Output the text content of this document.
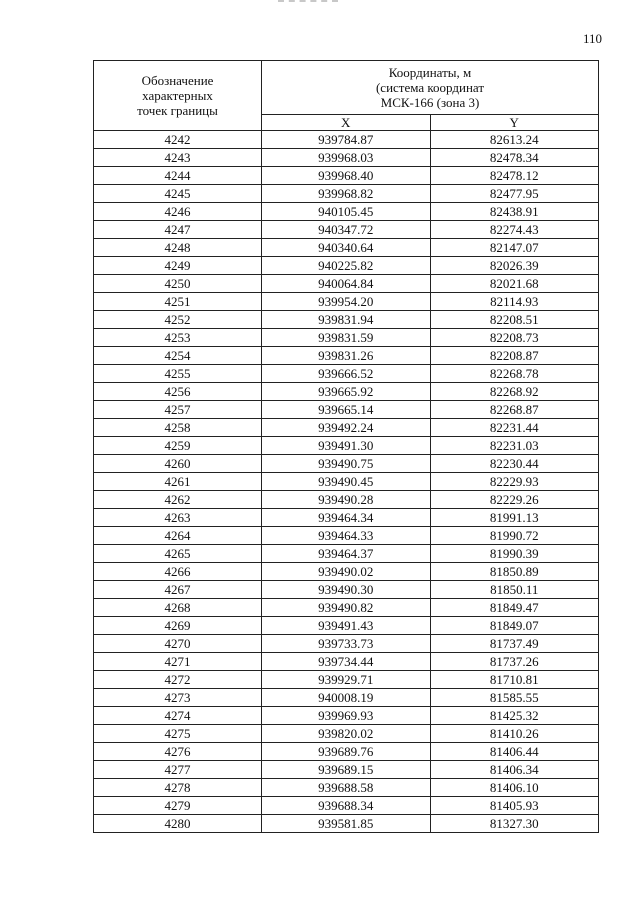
110
Обозначение
характерных
точек границы	Координаты, м
(система координат
МСК-166 (зона 3)	

	X	Y
4242	939784.87	82613.24
4243	939968.03	82478.34
4244	939968.40	82478.12
4245	939968.82	82477.95
4246	940105.45	82438.91
4247	940347.72	82274.43
4248	940340.64	82147.07
4249	940225.82	82026.39
4250	940064.84	82021.68
4251	939954.20	82114.93
4252	939831.94	82208.51
4253	939831.59	82208.73
4254	939831.26	82208.87
4255	939666.52	82268.78
4256	939665.92	82268.92
4257	939665.14	82268.87
4258	939492.24	82231.44
4259	939491.30	82231.03
4260	939490.75	82230.44
4261	939490.45	82229.93
4262	939490.28	82229.26
4263	939464.34	81991.13
4264	939464.33	81990.72
4265	939464.37	81990.39
4266	939490.02	81850.89
4267	939490.30	81850.11
4268	939490.82	81849.47
4269	939491.43	81849.07
4270	939733.73	81737.49
4271	939734.44	81737.26
4272	939929.71	81710.81
4273	940008.19	81585.55
4274	939969.93	81425.32
4275	939820.02	81410.26
4276	939689.76	81406.44
4277	939689.15	81406.34
4278	939688.58	81406.10
4279	939688.34	81405.93
4280	939581.85	81327.30
